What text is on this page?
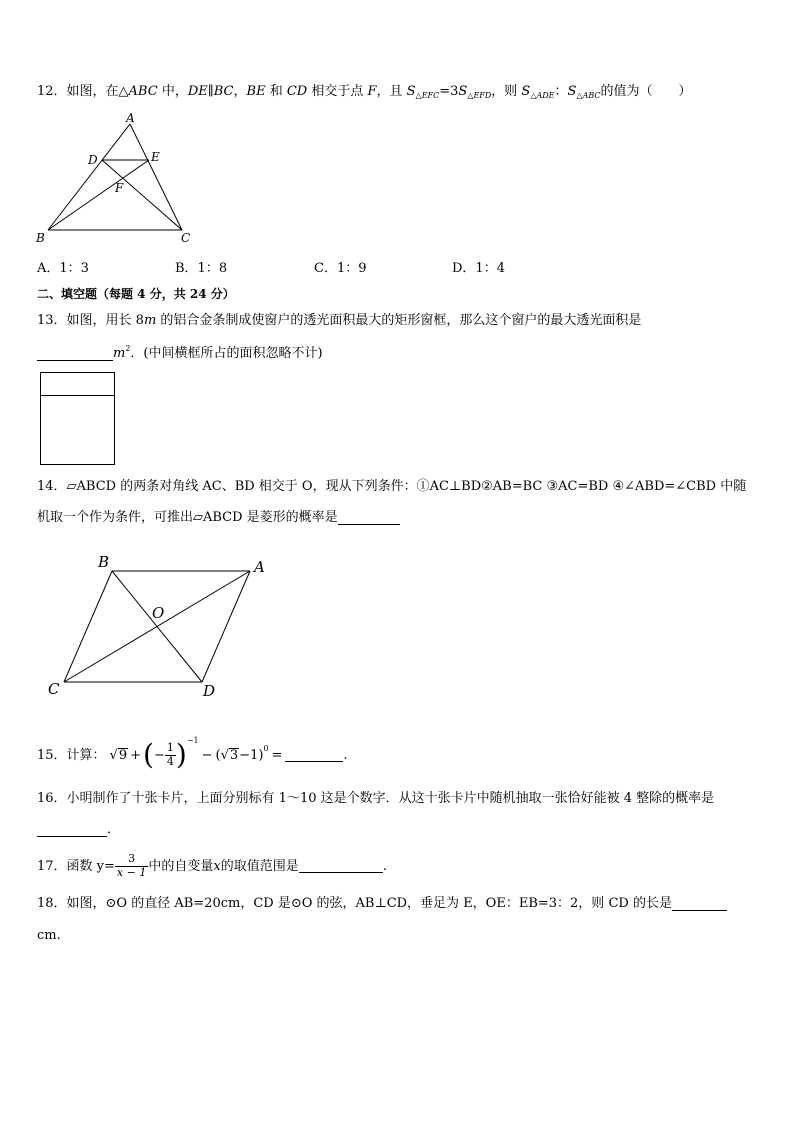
12．如图，在△ABC 中，DE∥BC，BE 和 CD 相交于点 F，且 $S_{\triangle EFC}=3S_{\triangle EFD}$，则 $S_{\triangle ADE}$：$S_{\triangle ABC}$的值为（　　）
A
D	E
F
B	C
A．1：3	B．1：8	C．1：9	D．1：4
二、填空题（每题 4 分，共 24 分）
13．如图，用长 8m 的铝合金条制成使窗户的透光面积最大的矩形窗框，那么这个窗户的最大透光面积是
$m^2$．(中间横框所占的面积忽略不计)
14．▱ABCD 的两条对角线 AC、BD 相交于 O，现从下列条件：①AC⊥BD②AB=BC ③AC=BD ④∠ABD=∠CBD 中随
机取一个作为条件，可推出▱ABCD 是菱形的概率是
B	A
O
C	D
15．计算： √ 9 + ( − $\frac{1}{4}$ ) −1
− ( √ 3 −1) 0 =
	.
16．小明制作了十张卡片，上面分别标有 1～10 这是个数字．从这十张卡片中随机抽取一张恰好能被 4 整除的概率是
．
17．函数 $y= \frac{3}{x - 1}$ 中的自变量 x 的取值范围是
	.
18．如图，⊙O 的直径 AB=20cm，CD 是⊙O 的弦，AB⊥CD，垂足为 E，OE：EB=3：2，则 CD 的长是
cm.
